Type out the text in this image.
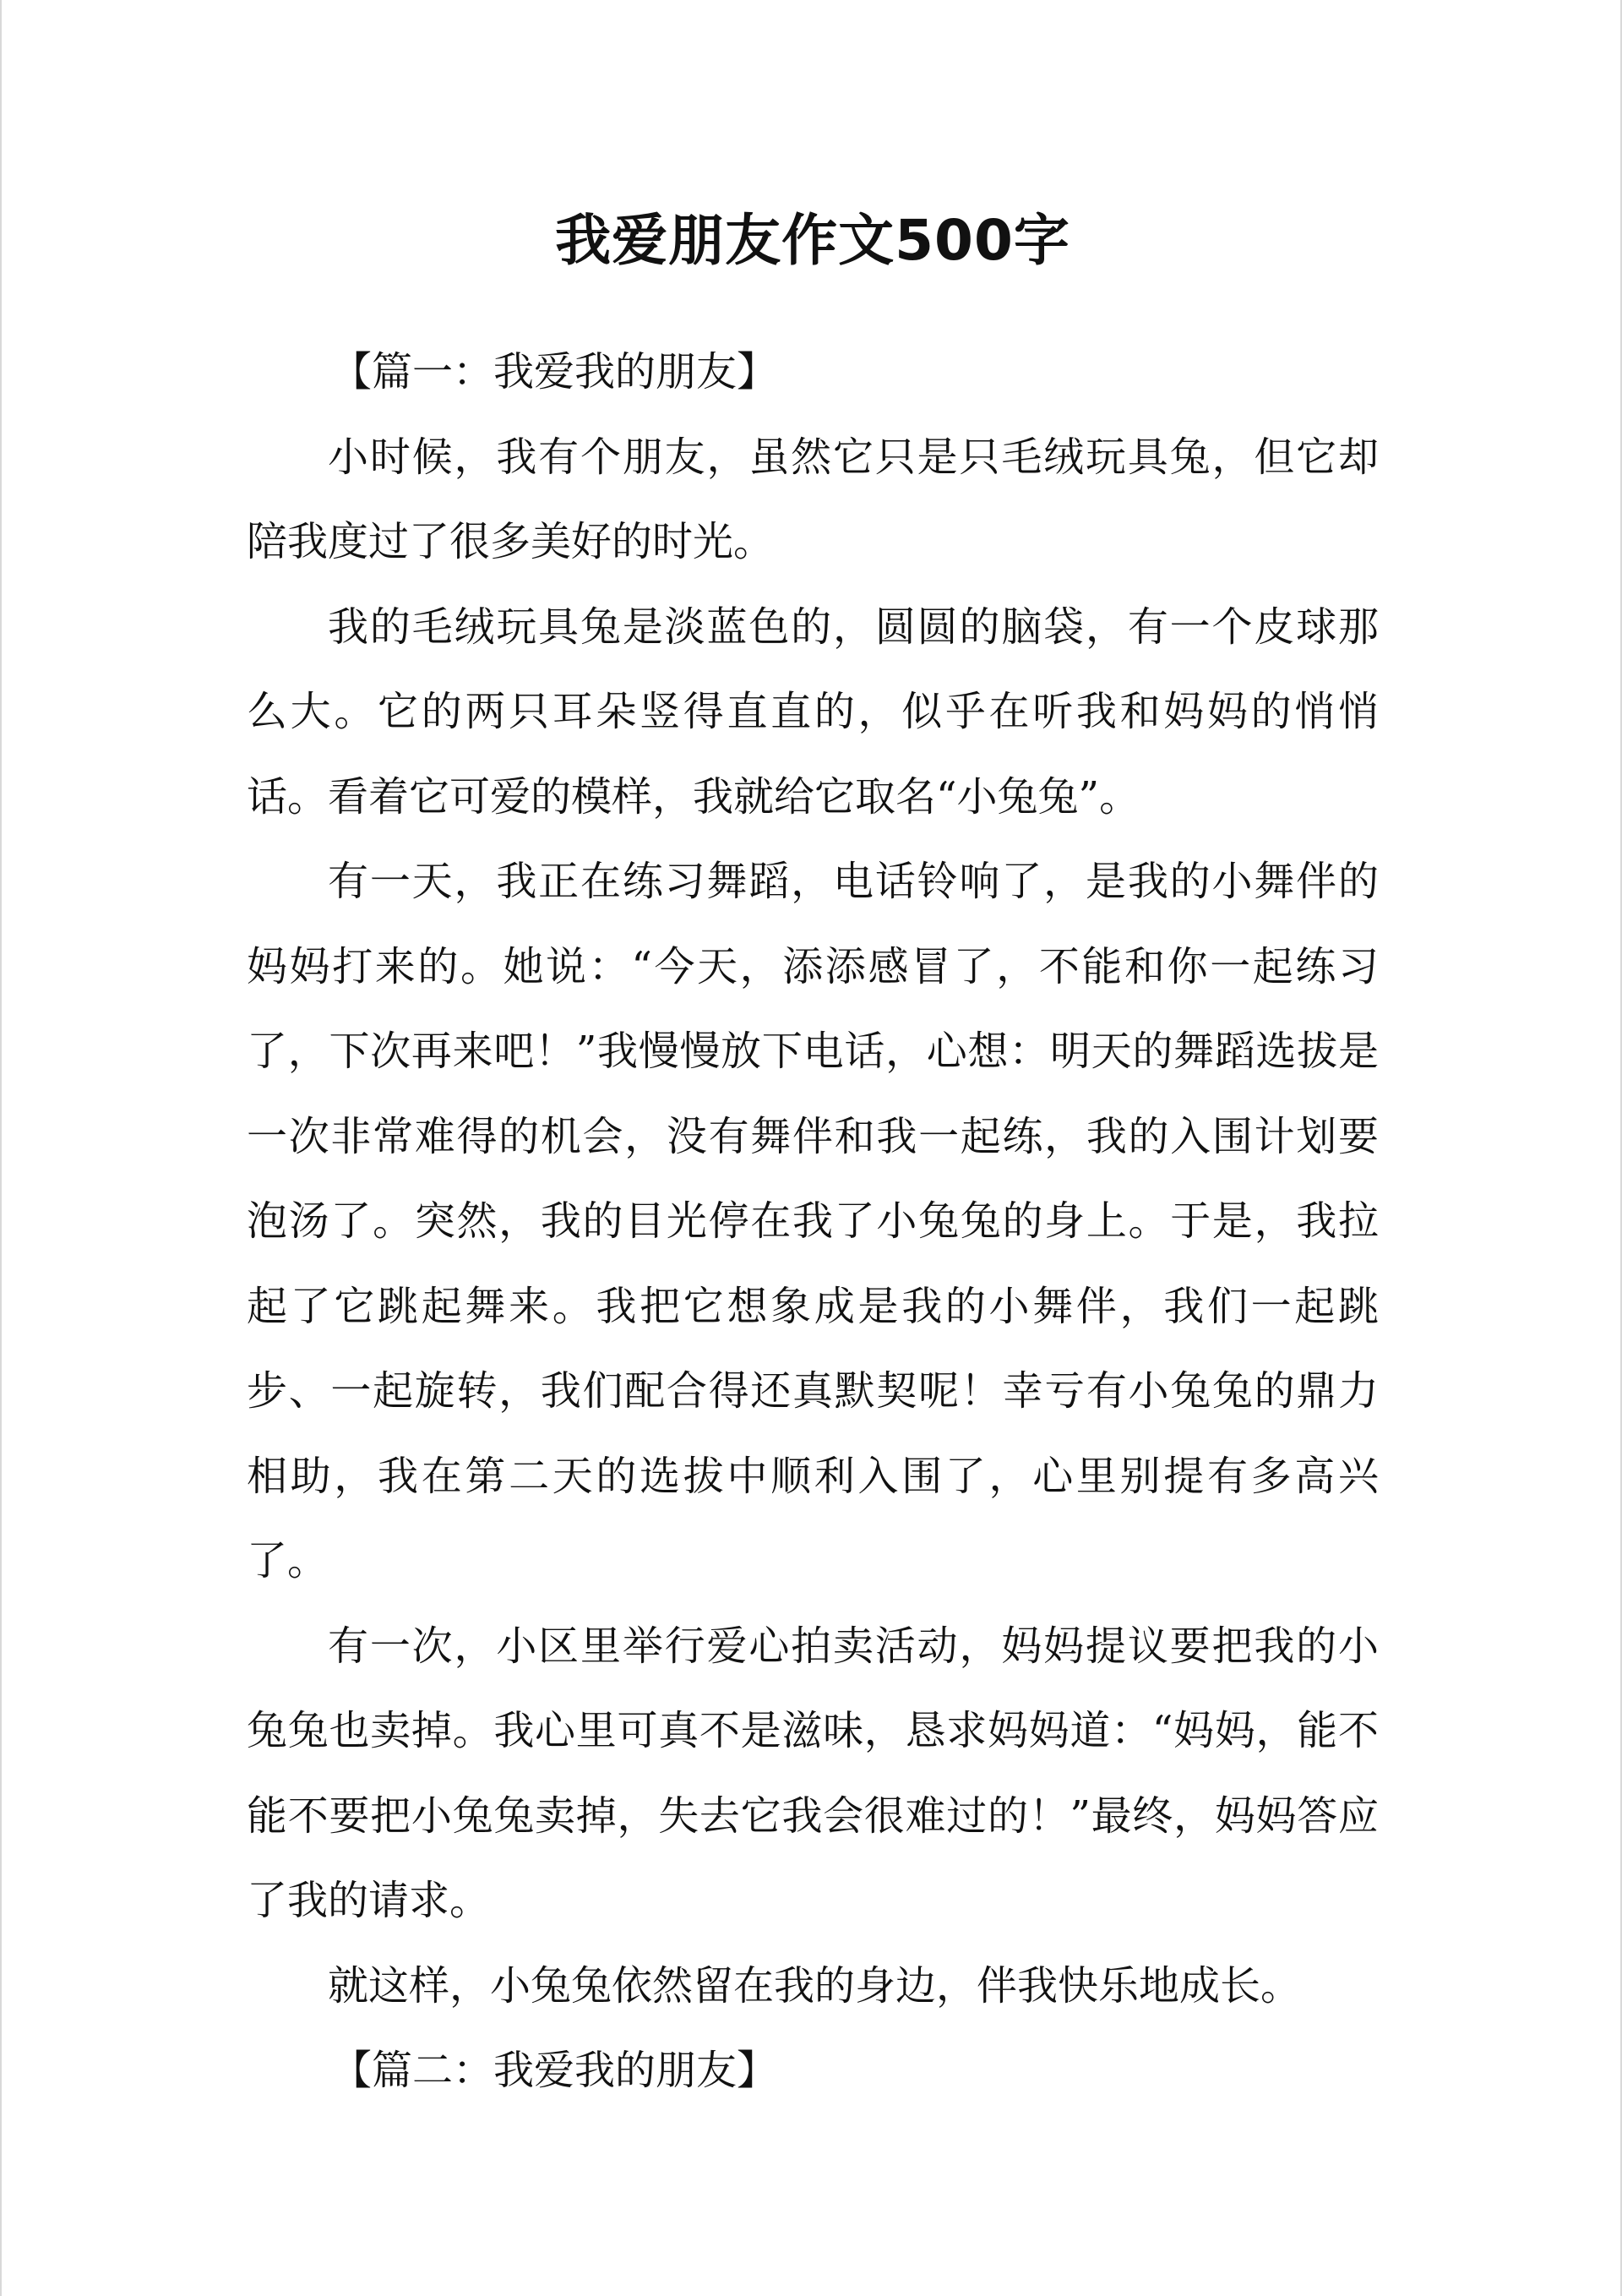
我爱朋友作文500字

【篇一：我爱我的朋友】

小时候，我有个朋友，虽然它只是只毛绒玩具兔，但它却陪我度过了很多美好的时光。

我的毛绒玩具兔是淡蓝色的，圆圆的脑袋，有一个皮球那么大。它的两只耳朵竖得直直的，似乎在听我和妈妈的悄悄话。看着它可爱的模样，我就给它取名“小兔兔”。

有一天，我正在练习舞蹈，电话铃响了，是我的小舞伴的妈妈打来的。她说：“今天，添添感冒了，不能和你一起练习了，下次再来吧！”我慢慢放下电话，心想：明天的舞蹈选拔是一次非常难得的机会，没有舞伴和我一起练，我的入围计划要泡汤了。突然，我的目光停在我了小兔兔的身上。于是，我拉起了它跳起舞来。我把它想象成是我的小舞伴，我们一起跳步、一起旋转，我们配合得还真默契呢！幸亏有小兔兔的鼎力相助，我在第二天的选拔中顺利入围了，心里别提有多高兴了。

有一次，小区里举行爱心拍卖活动，妈妈提议要把我的小兔兔也卖掉。我心里可真不是滋味，恳求妈妈道：“妈妈，能不能不要把小兔兔卖掉，失去它我会很难过的！”最终，妈妈答应了我的请求。

就这样，小兔兔依然留在我的身边，伴我快乐地成长。

【篇二：我爱我的朋友】
